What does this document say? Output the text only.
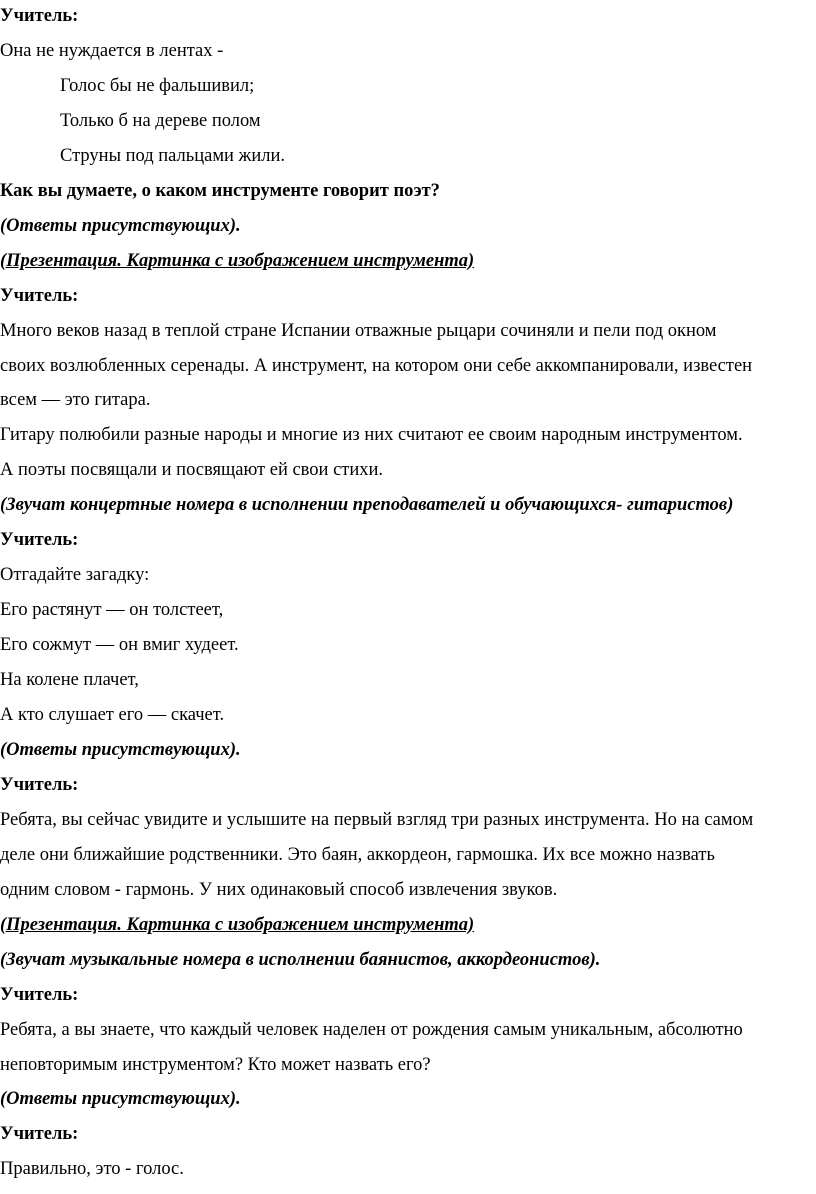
Учитель:
Она не нуждается в лентах -
Голос бы не фальшивил;
Только б на дереве полом
Струны под пальцами жили.
Как вы думаете, о каком инструменте говорит поэт?
(Ответы присутствующих).
(Презентация. Картинка с изображением инструмента)
Учитель:
Много веков назад в теплой стране Испании отважные рыцари сочиняли и пели под окном
своих возлюбленных серенады. А инструмент, на котором они себе аккомпанировали, известен
всем — это гитара.
Гитару полюбили разные народы и многие из них считают ее своим народным инструментом.
А поэты посвящали и посвящают ей свои стихи.
(Звучат концертные номера в исполнении преподавателей и обучающихся- гитаристов)
Учитель:
Отгадайте загадку:
Его растянут — он толстеет,
Его сожмут — он вмиг худеет.
На колене плачет,
А кто слушает его — скачет.
(Ответы присутствующих).
Учитель:
Ребята, вы сейчас увидите и услышите на первый взгляд три разных инструмента. Но на самом
деле они ближайшие родственники. Это баян, аккордеон, гармошка. Их все можно назвать
одним словом - гармонь. У них одинаковый способ извлечения звуков.
(Презентация. Картинка с изображением инструмента)
(Звучат музыкальные номера в исполнении баянистов, аккордеонистов).
Учитель:
Ребята, а вы знаете, что каждый человек наделен от рождения самым уникальным, абсолютно
неповторимым инструментом? Кто может назвать его?
(Ответы присутствующих).
Учитель:
Правильно, это - голос.
